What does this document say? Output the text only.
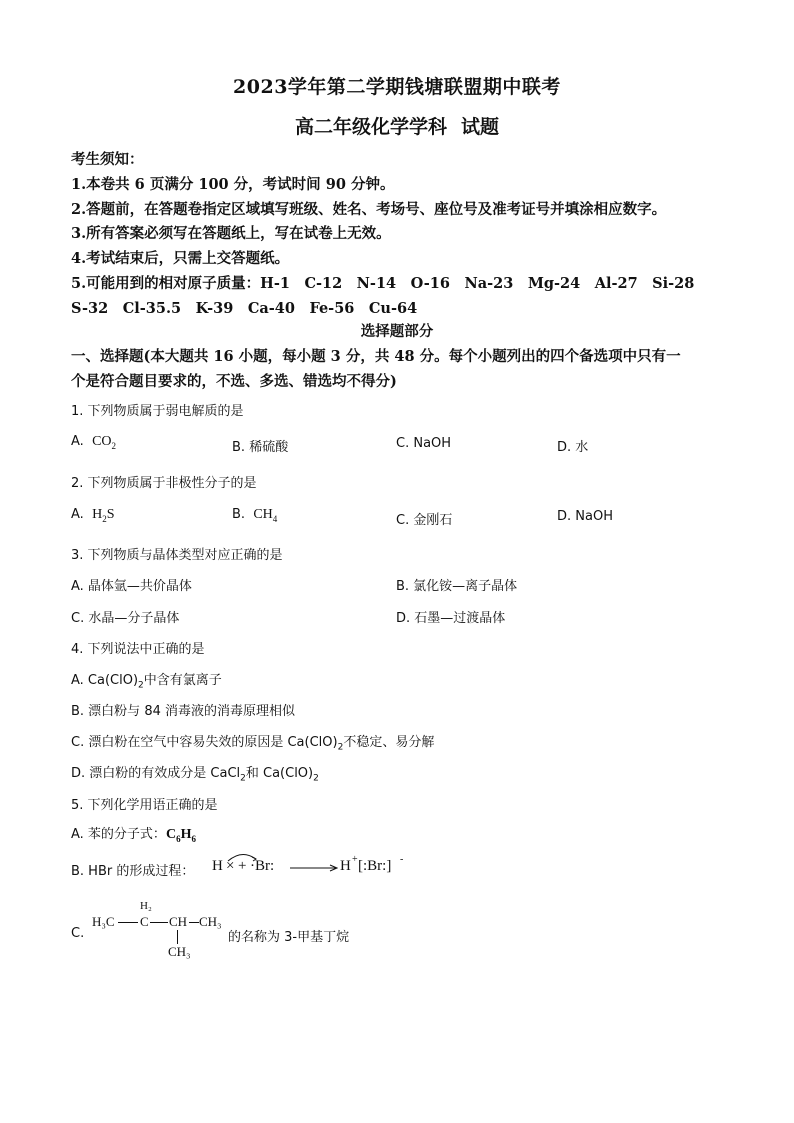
2023学年第二学期钱塘联盟期中联考
高二年级化学学科 试题
考生须知：
1.本卷共 6 页满分 100 分，考试时间 90 分钟。
2.答题前，在答题卷指定区域填写班级、姓名、考场号、座位号及准考证号并填涂相应数字。
3.所有答案必须写在答题纸上，写在试卷上无效。
4.考试结束后，只需上交答题纸。
5.可能用到的相对原子质量：H-1　C-12　N-14　O-16　Na-23　Mg-24　Al-27　Si-28
S-32　Cl-35.5　K-39　Ca-40　Fe-56　Cu-64
选择题部分
一、选择题(本大题共 16 小题，每小题 3 分，共 48 分。每个小题列出的四个备选项中只有一
个是符合题目要求的，不选、多选、错选均不得分)
1. 下列物质属于弱电解质的是
A. $CO_2$	B. 稀硫酸	C. NaOH	D. 水
2. 下列物质属于非极性分子的是
A. $H_2S$	B. $CH_4$	C. 金刚石	D. NaOH
3. 下列物质与晶体类型对应正确的是
A. 晶体氩—共价晶体	B. 氯化铵—离子晶体
C. 水晶—分子晶体	D. 石墨—过渡晶体
4. 下列说法中正确的是
A. $Ca(ClO)_2$中含有氯离子
B. 漂白粉与 84 消毒液的消毒原理相似
C. 漂白粉在空气中容易失效的原因是 $Ca(ClO)_2$不稳定、易分解
D. 漂白粉的有效成分是 CaCl$_2$和 $Ca(ClO)_2$
5. 下列化学用语正确的是
A. 苯的分子式：$C_6H_6$
B. HBr 的形成过程： H × + ·Br: → H + [:Br:] -
C.
H₃C
H₂
C CH CH₃
CH₃
的名称为 3-甲基丁烷
